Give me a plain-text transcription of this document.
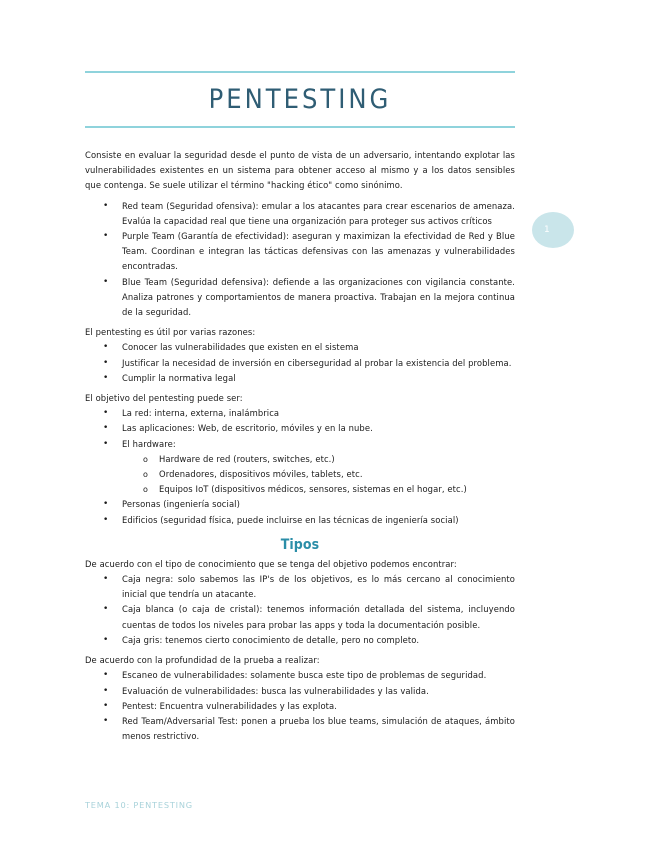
PENTESTING
1

Consiste en evaluar la seguridad desde el punto de vista de un adversario, intentando explotar las vulnerabilidades existentes en un sistema para obtener acceso al mismo y a los datos sensibles que contenga. Se suele utilizar el término "hacking ético" como sinónimo.

• Red team (Seguridad ofensiva): emular a los atacantes para crear escenarios de amenaza. Evalúa la capacidad real que tiene una organización para proteger sus activos críticos
• Purple Team (Garantía de efectividad): aseguran y maximizan la efectividad de Red y Blue Team. Coordinan e integran las tácticas defensivas con las amenazas y vulnerabilidades encontradas.
• Blue Team (Seguridad defensiva): defiende a las organizaciones con vigilancia constante. Analiza patrones y comportamientos de manera proactiva. Trabajan en la mejora continua de la seguridad.

El pentesting es útil por varias razones:

• Conocer las vulnerabilidades que existen en el sistema
• Justificar la necesidad de inversión en ciberseguridad al probar la existencia del problema.
• Cumplir la normativa legal

El objetivo del pentesting puede ser:

• La red: interna, externa, inalámbrica
• Las aplicaciones: Web, de escritorio, móviles y en la nube.
• El hardware:
o Hardware de red (routers, switches, etc.)
o Ordenadores, dispositivos móviles, tablets, etc.
o Equipos IoT (dispositivos médicos, sensores, sistemas en el hogar, etc.)
• Personas (ingeniería social)
• Edificios (seguridad física, puede incluirse en las técnicas de ingeniería social)
Tipos

De acuerdo con el tipo de conocimiento que se tenga del objetivo podemos encontrar:

• Caja negra: solo sabemos las IP's de los objetivos, es lo más cercano al conocimiento inicial que tendría un atacante.
• Caja blanca (o caja de cristal): tenemos información detallada del sistema, incluyendo cuentas de todos los niveles para probar las apps y toda la documentación posible.
• Caja gris: tenemos cierto conocimiento de detalle, pero no completo.

De acuerdo con la profundidad de la prueba a realizar:

• Escaneo de vulnerabilidades: solamente busca este tipo de problemas de seguridad.
• Evaluación de vulnerabilidades: busca las vulnerabilidades y las valida.
• Pentest: Encuentra vulnerabilidades y las explota.
• Red Team/Adversarial Test: ponen a prueba los blue teams, simulación de ataques, ámbito menos restrictivo.
TEMA 10: PENTESTING
